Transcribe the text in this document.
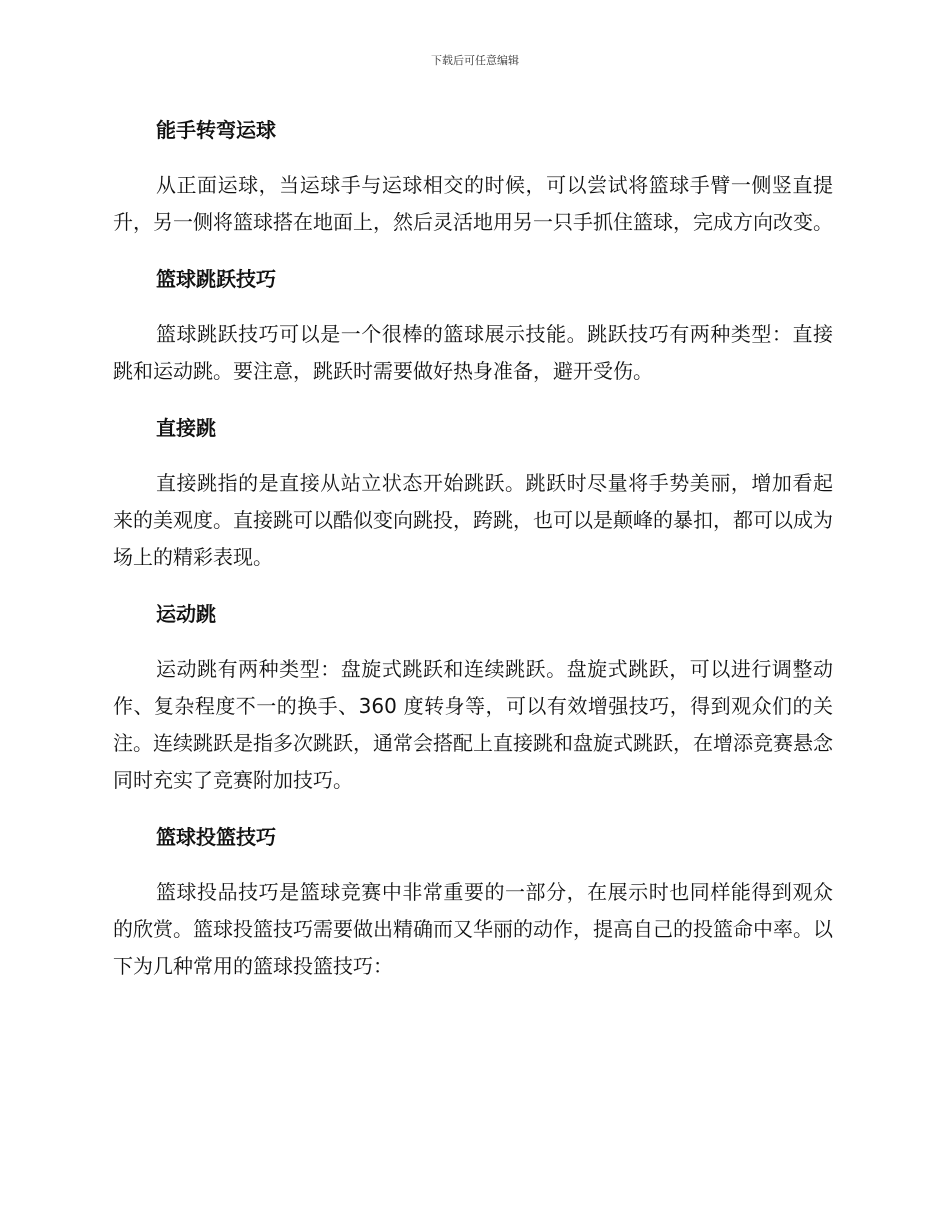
下载后可任意编辑
能手转弯运球

从正面运球，当运球手与运球相交的时候，可以尝试将篮球手臂一侧竖直提升，另一侧将篮球搭在地面上，然后灵活地用另一只手抓住篮球，完成方向改变。

篮球跳跃技巧

篮球跳跃技巧可以是一个很棒的篮球展示技能。跳跃技巧有两种类型：直接跳和运动跳。要注意，跳跃时需要做好热身准备，避开受伤。

直接跳

直接跳指的是直接从站立状态开始跳跃。跳跃时尽量将手势美丽，增加看起来的美观度。直接跳可以酷似变向跳投，跨跳，也可以是颠峰的暴扣，都可以成为场上的精彩表现。

运动跳

运动跳有两种类型：盘旋式跳跃和连续跳跃。盘旋式跳跃，可以进行调整动作、复杂程度不一的换手、360 度转身等，可以有效增强技巧，得到观众们的关注。连续跳跃是指多次跳跃，通常会搭配上直接跳和盘旋式跳跃，在增添竞赛悬念同时充实了竞赛附加技巧。

篮球投篮技巧

篮球投品技巧是篮球竞赛中非常重要的一部分，在展示时也同样能得到观众的欣赏。篮球投篮技巧需要做出精确而又华丽的动作，提高自己的投篮命中率。以下为几种常用的篮球投篮技巧：
